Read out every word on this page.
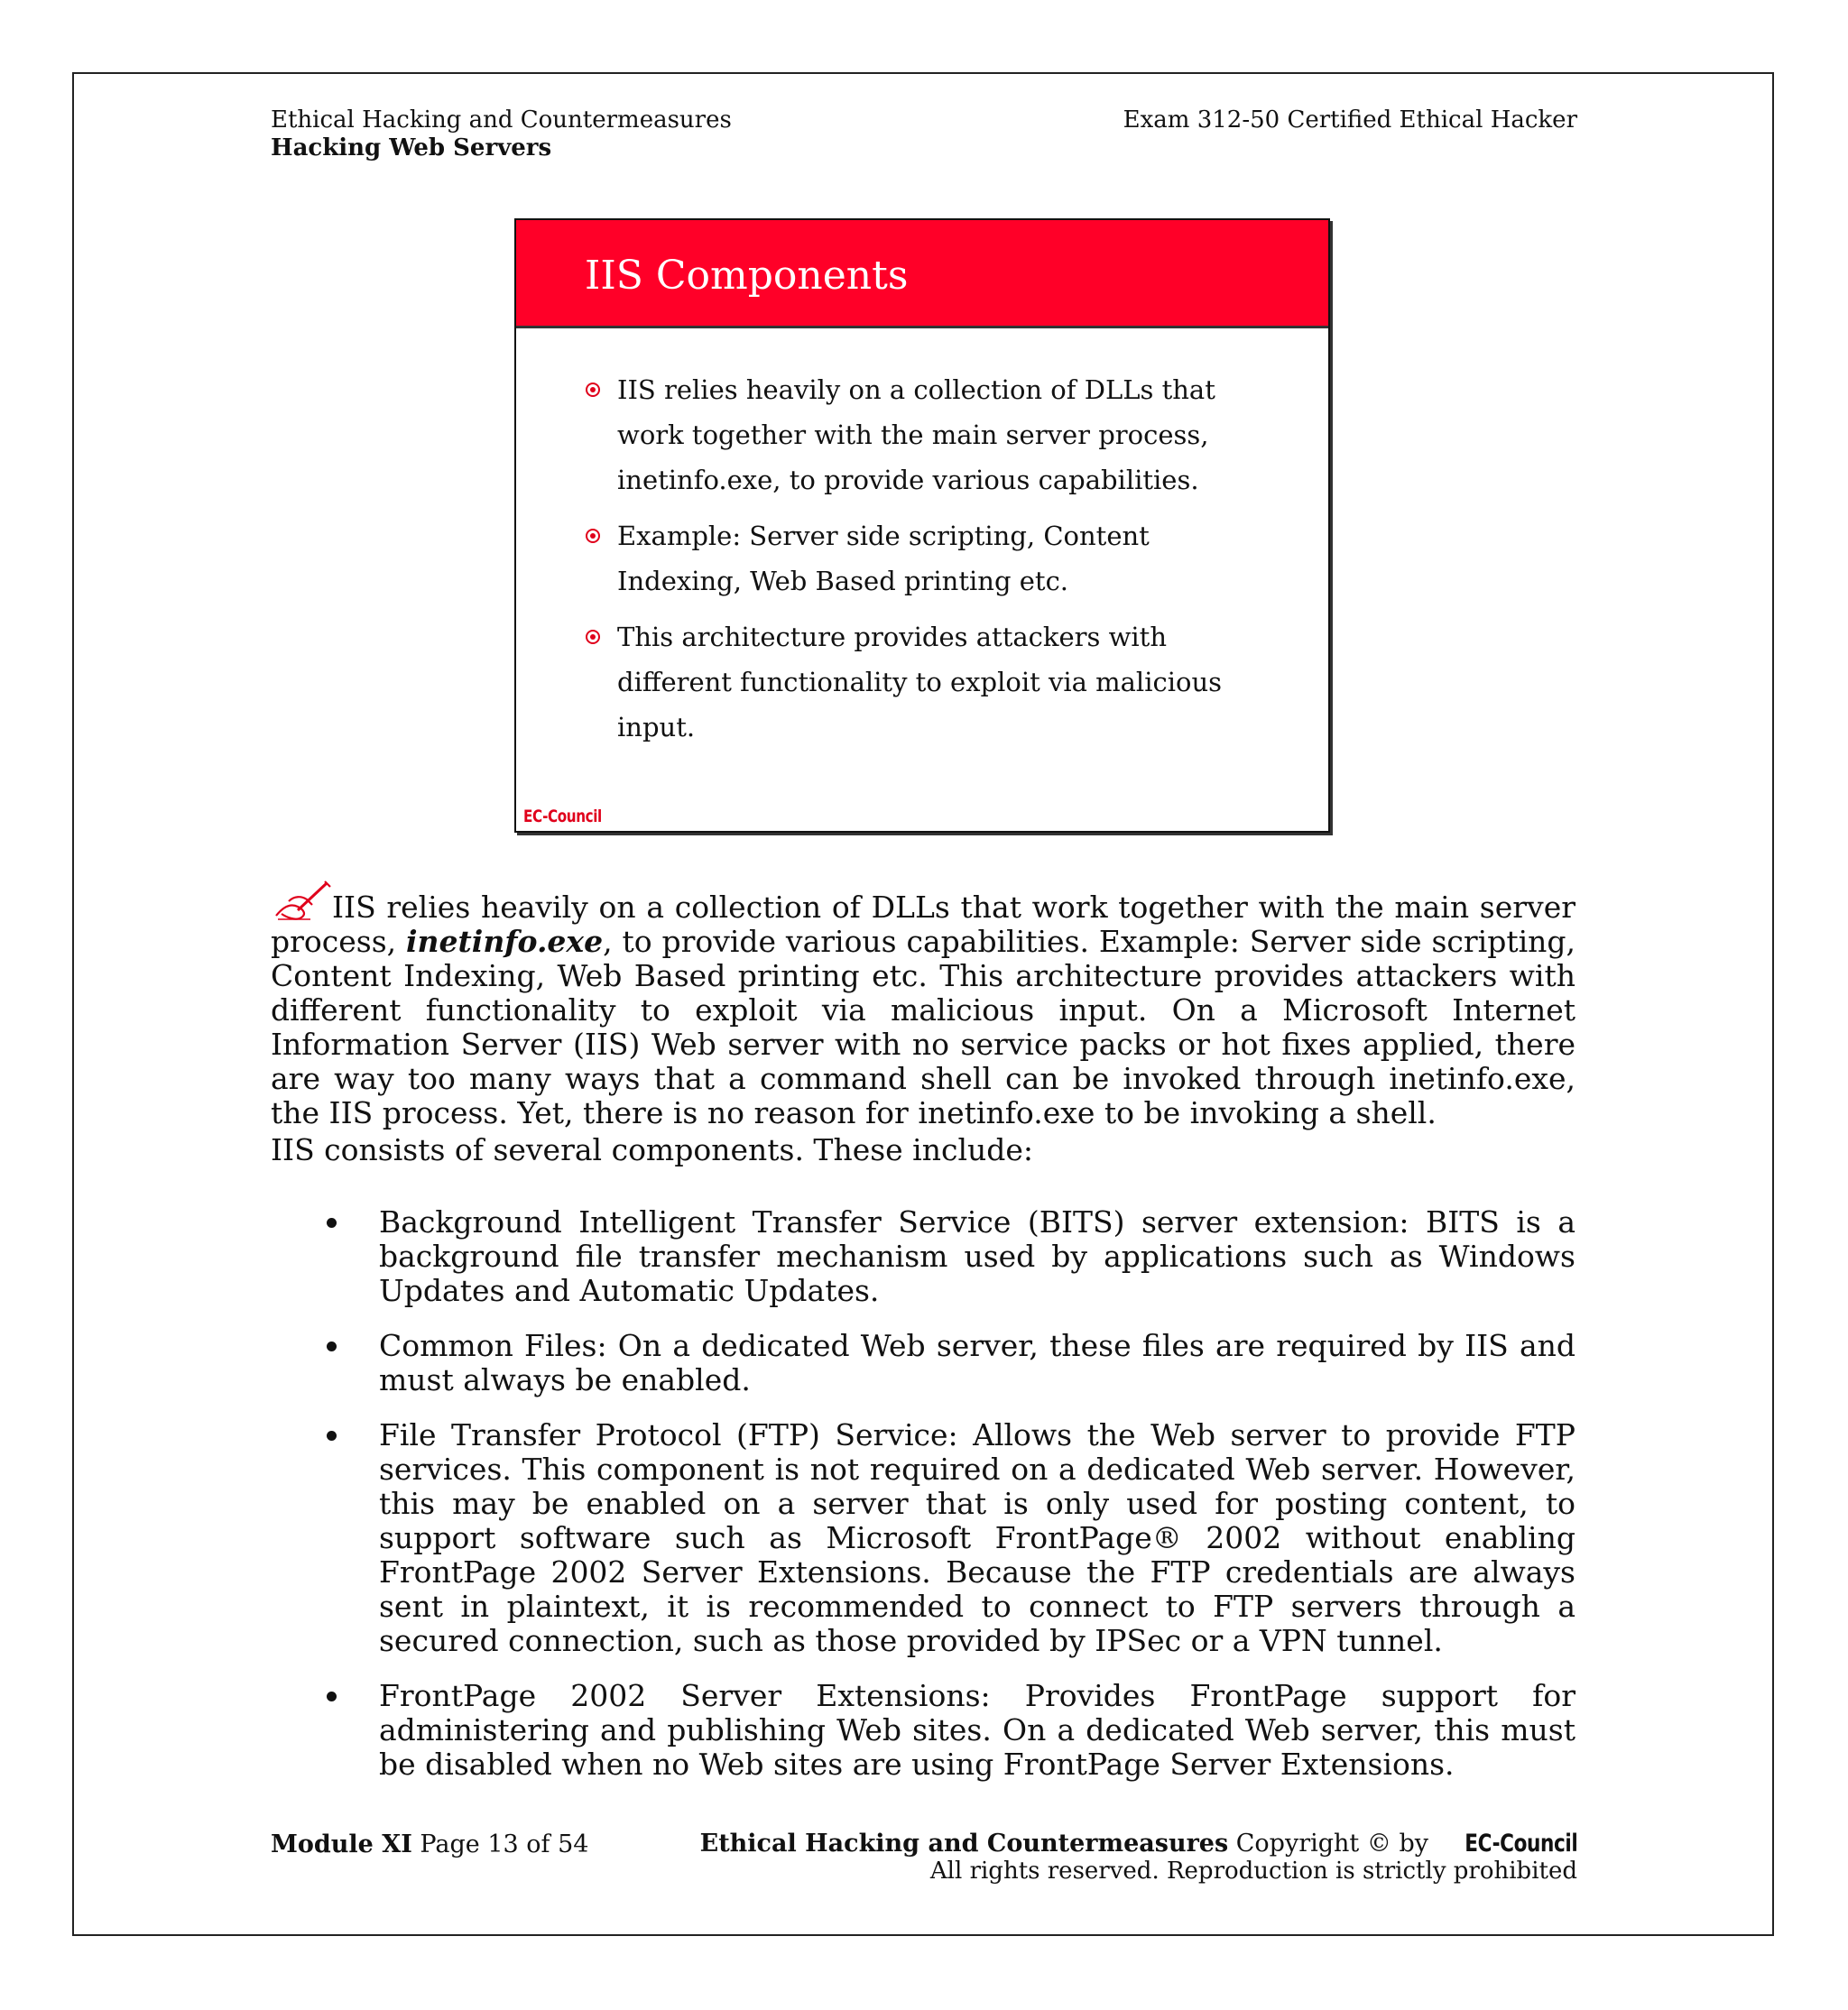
Ethical Hacking and Countermeasures
Hacking Web Servers
Exam 312-50 Certified Ethical Hacker
IIS Components
IIS relies heavily on a collection of DLLs that work together with the main server process, inetinfo.exe, to provide various capabilities.
Example: Server side scripting, Content Indexing, Web Based printing etc.
This architecture provides attackers with different functionality to exploit via malicious input.
EC-Council
IIS relies heavily on a collection of DLLs that work together with the main server process, inetinfo.exe, to provide various capabilities. Example: Server side scripting, Content Indexing, Web Based printing etc. This architecture provides attackers with different functionality to exploit via malicious input. On a Microsoft Internet Information Server (IIS) Web server with no service packs or hot fixes applied, there are way too many ways that a command shell can be invoked through inetinfo.exe, the IIS process. Yet, there is no reason for inetinfo.exe to be invoking a shell.
IIS consists of several components. These include:
Background Intelligent Transfer Service (BITS) server extension: BITS is a background file transfer mechanism used by applications such as Windows Updates and Automatic Updates.
Common Files: On a dedicated Web server, these files are required by IIS and must always be enabled.
File Transfer Protocol (FTP) Service: Allows the Web server to provide FTP services. This component is not required on a dedicated Web server. However, this may be enabled on a server that is only used for posting content, to support software such as Microsoft FrontPage® 2002 without enabling FrontPage 2002 Server Extensions. Because the FTP credentials are always sent in plaintext, it is recommended to connect to FTP servers through a secured connection, such as those provided by IPSec or a VPN tunnel.
FrontPage 2002 Server Extensions: Provides FrontPage support for administering and publishing Web sites. On a dedicated Web server, this must be disabled when no Web sites are using FrontPage Server Extensions.
Module XI Page 13 of 54	Ethical Hacking and Countermeasures Copyright © by EC-Council
All rights reserved. Reproduction is strictly prohibited
